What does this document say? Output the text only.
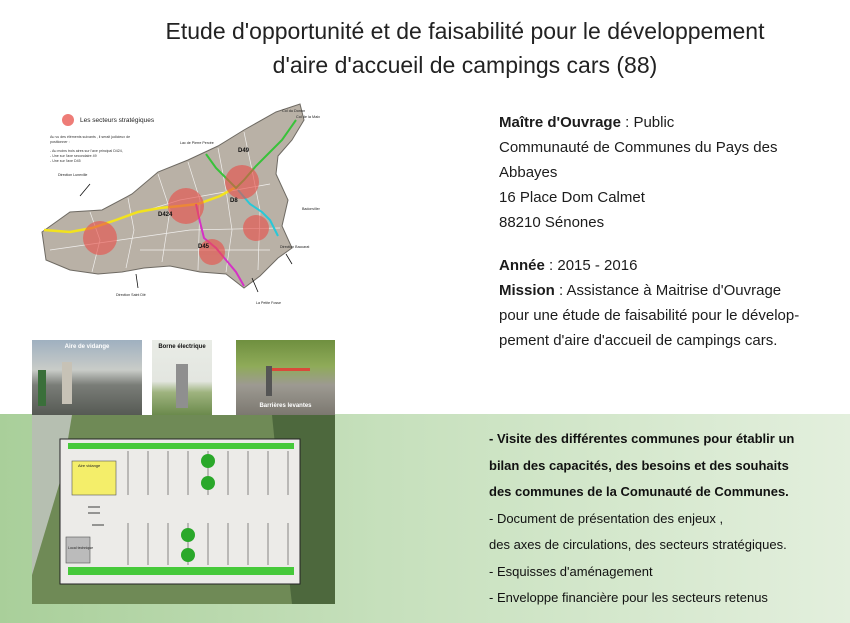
Etude d'opportunité et de faisabilité pour le développement
d'aire d'accueil de campings cars (88)
Les secteurs stratégiques
Au vu des éléments suivants , il serait judicieux de
positionner :
- Au moins trois aires sur l'axe principal D424,
- Une sur l'axe secondaire 49
- Une sur l'axe D45
Direction Luneville
Col du Donon
Col de la Maix
Lac de Pierre Percée
Badonviller
Direction Baccarat
Direction Saint Dié
La Petite Fosse
D424
D49
D45
D8
Maître d'Ouvrage : Public
Communauté de Communes du Pays des
Abbayes
16 Place Dom Calmet
88210 Sénones
Année : 2015 - 2016
Mission : Assistance à Maitrise d'Ouvrage
pour une étude de faisabilité pour le dévelop-
pement d'aire d'accueil de campings cars.
Aire de vidange	Borne électrique
Barrières levantes
Aire vidange
Local technique
- Visite des différentes communes pour établir un
bilan des capacités, des besoins et des souhaits
des communes de la Comunauté de Communes.
- Document de présentation des enjeux ,
des axes de circulations, des secteurs stratégiques.
- Esquisses d'aménagement
- Enveloppe financière pour les secteurs retenus
